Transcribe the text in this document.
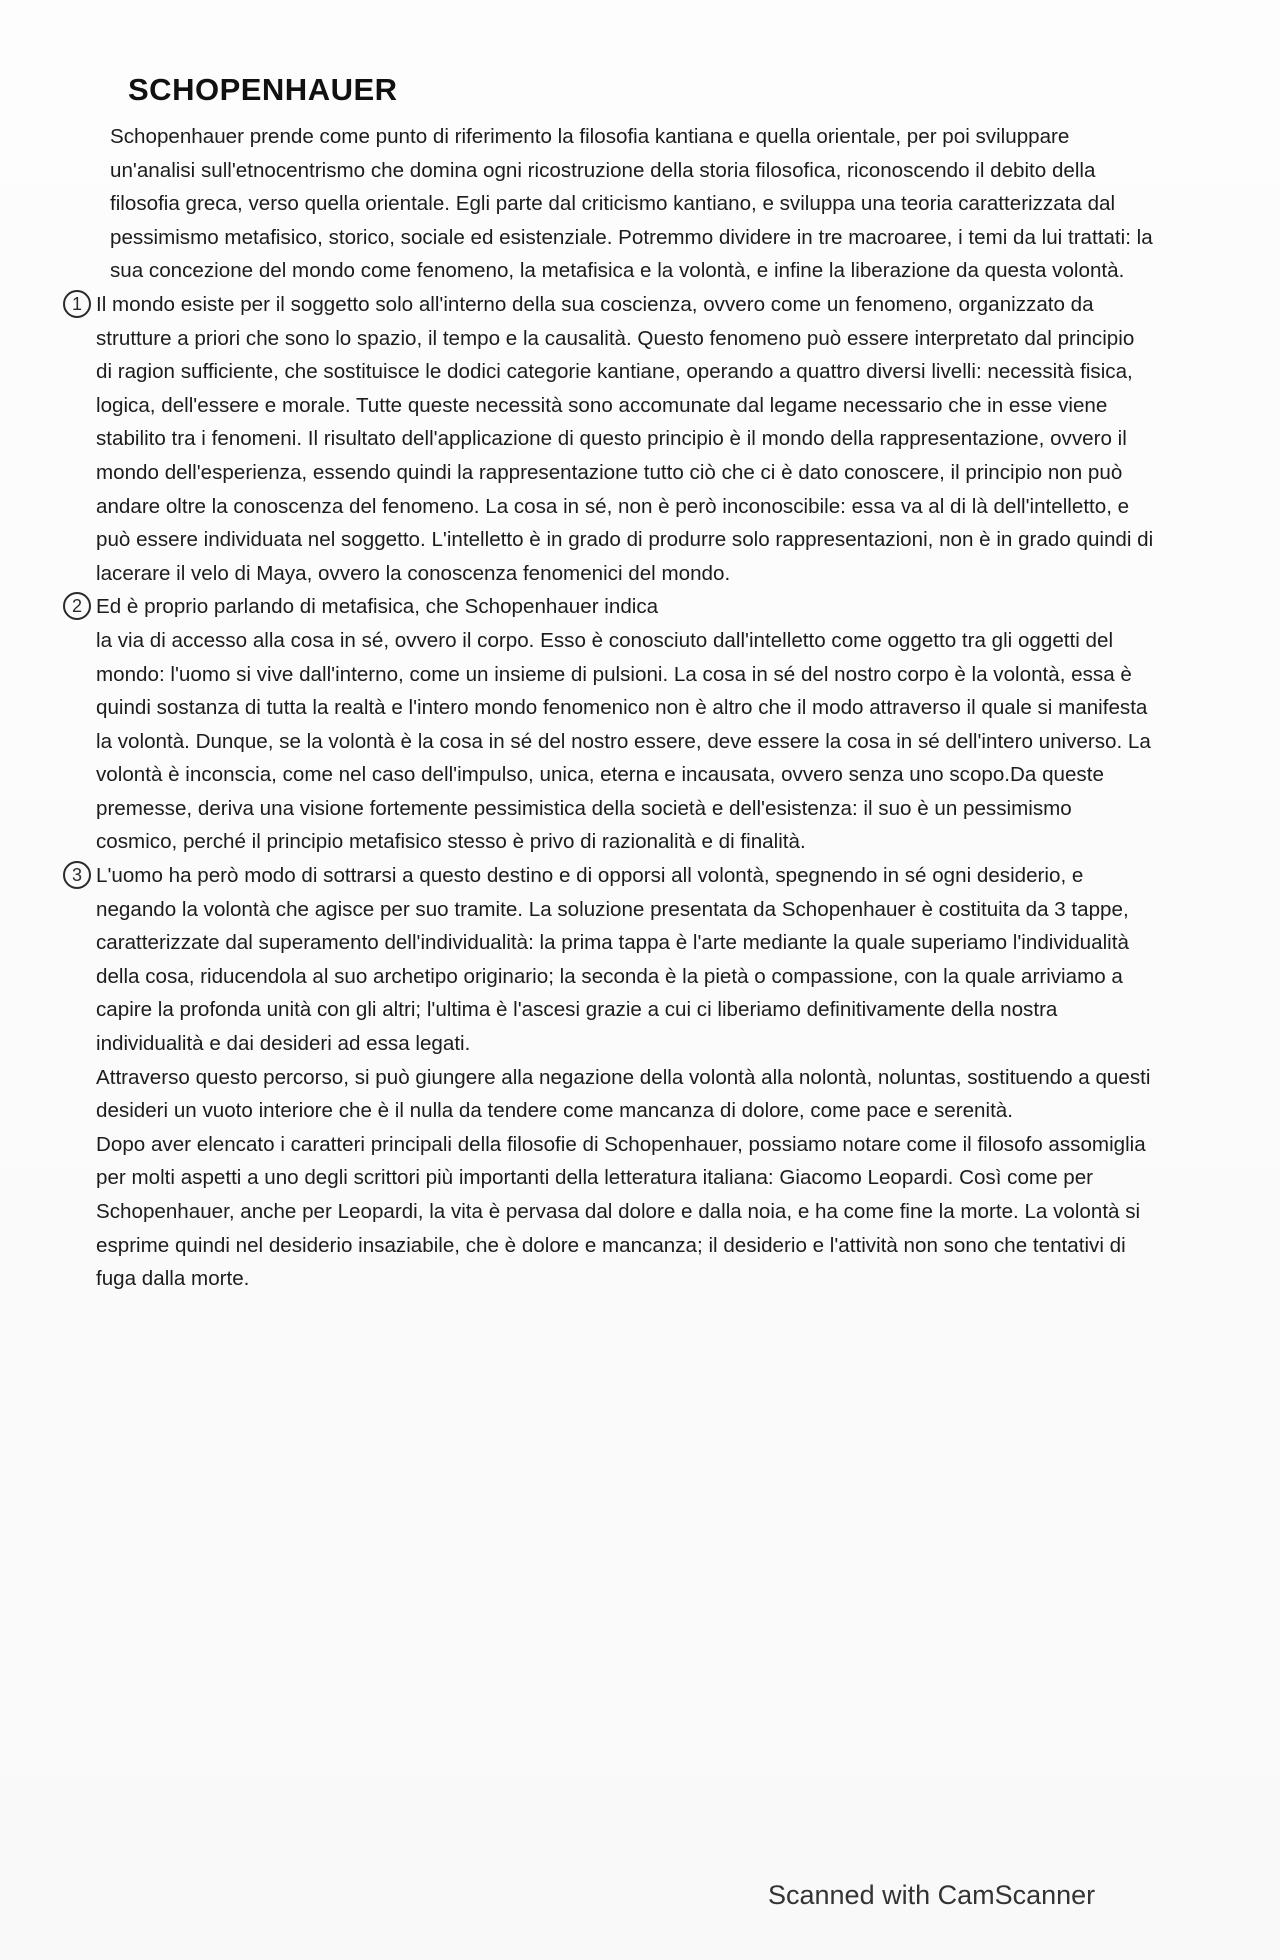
SCHOPENHAUER

Schopenhauer prende come punto di riferimento la filosofia kantiana e quella orientale, per poi sviluppare un'analisi sull'etnocentrismo che domina ogni ricostruzione della storia filosofica, riconoscendo il debito della filosofia greca, verso quella orientale. Egli parte dal criticismo kantiano, e sviluppa una teoria caratterizzata dal pessimismo metafisico, storico, sociale ed esistenziale. Potremmo dividere in tre macroaree, i temi da lui trattati: la sua concezione del mondo come fenomeno, la metafisica e la volontà, e infine la liberazione da questa volontà.

1 Il mondo esiste per il soggetto solo all'interno della sua coscienza, ovvero come un fenomeno, organizzato da strutture a priori che sono lo spazio, il tempo e la causalità. Questo fenomeno può essere interpretato dal principio di ragion sufficiente, che sostituisce le dodici categorie kantiane, operando a quattro diversi livelli: necessità fisica, logica, dell'essere e morale. Tutte queste necessità sono accomunate dal legame necessario che in esse viene stabilito tra i fenomeni. Il risultato dell'applicazione di questo principio è il mondo della rappresentazione, ovvero il mondo dell'esperienza, essendo quindi la rappresentazione tutto ciò che ci è dato conoscere, il principio non può andare oltre la conoscenza del fenomeno. La cosa in sé, non è però inconoscibile: essa va al di là dell'intelletto, e può essere individuata nel soggetto. L'intelletto è in grado di produrre solo rappresentazioni, non è in grado quindi di lacerare il velo di Maya, ovvero la conoscenza fenomenici del mondo.

2 Ed è proprio parlando di metafisica, che Schopenhauer indica

la via di accesso alla cosa in sé, ovvero il corpo. Esso è conosciuto dall'intelletto come oggetto tra gli oggetti del mondo: l'uomo si vive dall'interno, come un insieme di pulsioni. La cosa in sé del nostro corpo è la volontà, essa è quindi sostanza di tutta la realtà e l'intero mondo fenomenico non è altro che il modo attraverso il quale si manifesta la volontà. Dunque, se la volontà è la cosa in sé del nostro essere, deve essere la cosa in sé dell'intero universo. La volontà è inconscia, come nel caso dell'impulso, unica, eterna e incausata, ovvero senza uno scopo.Da queste premesse, deriva una visione fortemente pessimistica della società e dell'esistenza: il suo è un pessimismo cosmico, perché il principio metafisico stesso è privo di razionalità e di finalità.

3 L'uomo ha però modo di sottrarsi a questo destino e di opporsi all volontà, spegnendo in sé ogni desiderio, e negando la volontà che agisce per suo tramite. La soluzione presentata da Schopenhauer è costituita da 3 tappe, caratterizzate dal superamento dell'individualità: la prima tappa è l'arte mediante la quale superiamo l'individualità della cosa, riducendola al suo archetipo originario; la seconda è la pietà o compassione, con la quale arriviamo a capire la profonda unità con gli altri; l'ultima è l'ascesi grazie a cui ci liberiamo definitivamente della nostra individualità e dai desideri ad essa legati.

Attraverso questo percorso, si può giungere alla negazione della volontà alla nolontà, noluntas, sostituendo a questi desideri un vuoto interiore che è il nulla da tendere come mancanza di dolore, come pace e serenità.

Dopo aver elencato i caratteri principali della filosofie di Schopenhauer, possiamo notare come il filosofo assomiglia per molti aspetti a uno degli scrittori più importanti della letteratura italiana: Giacomo Leopardi. Così come per Schopenhauer, anche per Leopardi, la vita è pervasa dal dolore e dalla noia, e ha come fine la morte. La volontà si esprime quindi nel desiderio insaziabile, che è dolore e mancanza; il desiderio e l'attività non sono che tentativi di fuga dalla morte.

Scanned with CamScanner
